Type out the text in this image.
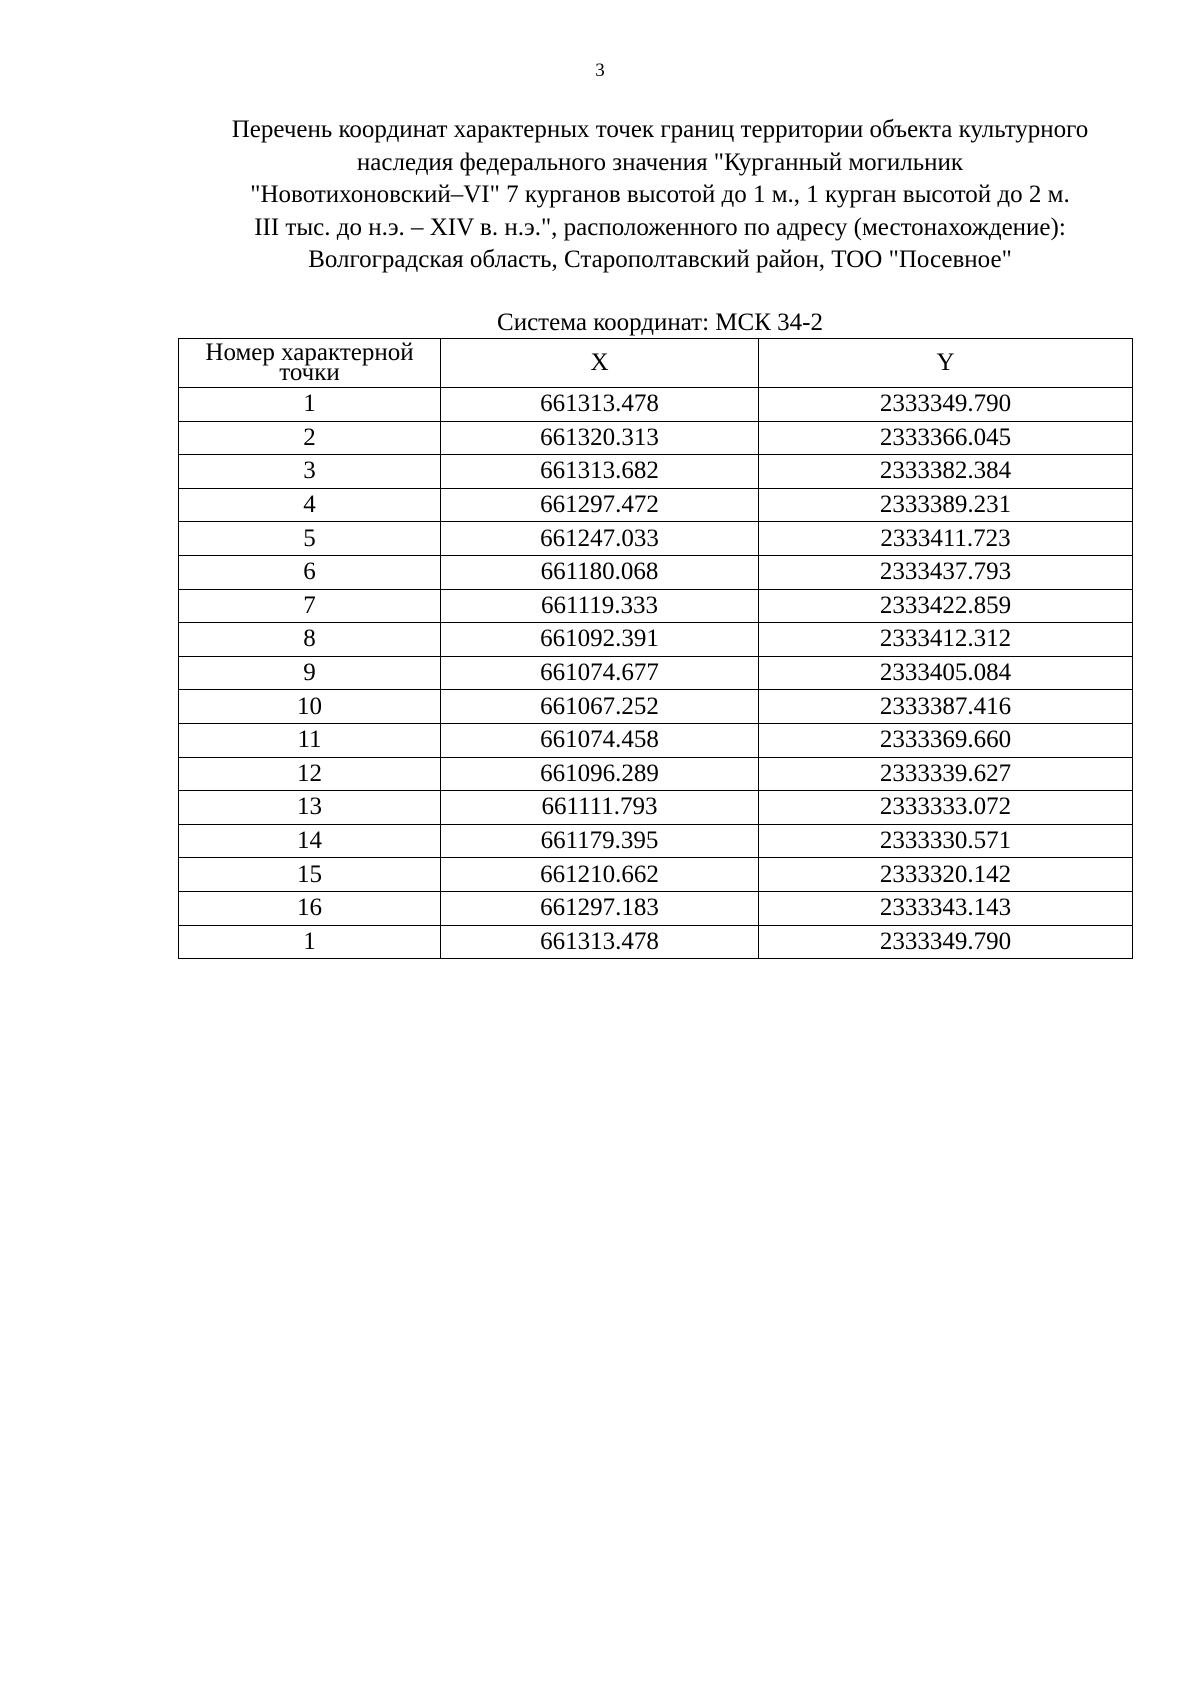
3
Перечень координат характерных точек границ территории объекта культурного
наследия федерального значения "Курганный могильник
"Новотихоновский–VI" 7 курганов высотой до 1 м., 1 курган высотой до 2 м.
III тыс. до н.э. – XIV в. н.э.", расположенного по адресу (местонахождение):
Волгоградская область, Старополтавский район, ТОО "Посевное"
Система координат: МСК 34-2
Номер характерной точки	X	Y
1	661313.478	2333349.790
2	661320.313	2333366.045
3	661313.682	2333382.384
4	661297.472	2333389.231
5	661247.033	2333411.723
6	661180.068	2333437.793
7	661119.333	2333422.859
8	661092.391	2333412.312
9	661074.677	2333405.084
10	661067.252	2333387.416
11	661074.458	2333369.660
12	661096.289	2333339.627
13	661111.793	2333333.072
14	661179.395	2333330.571
15	661210.662	2333320.142
16	661297.183	2333343.143
1	661313.478	2333349.790
